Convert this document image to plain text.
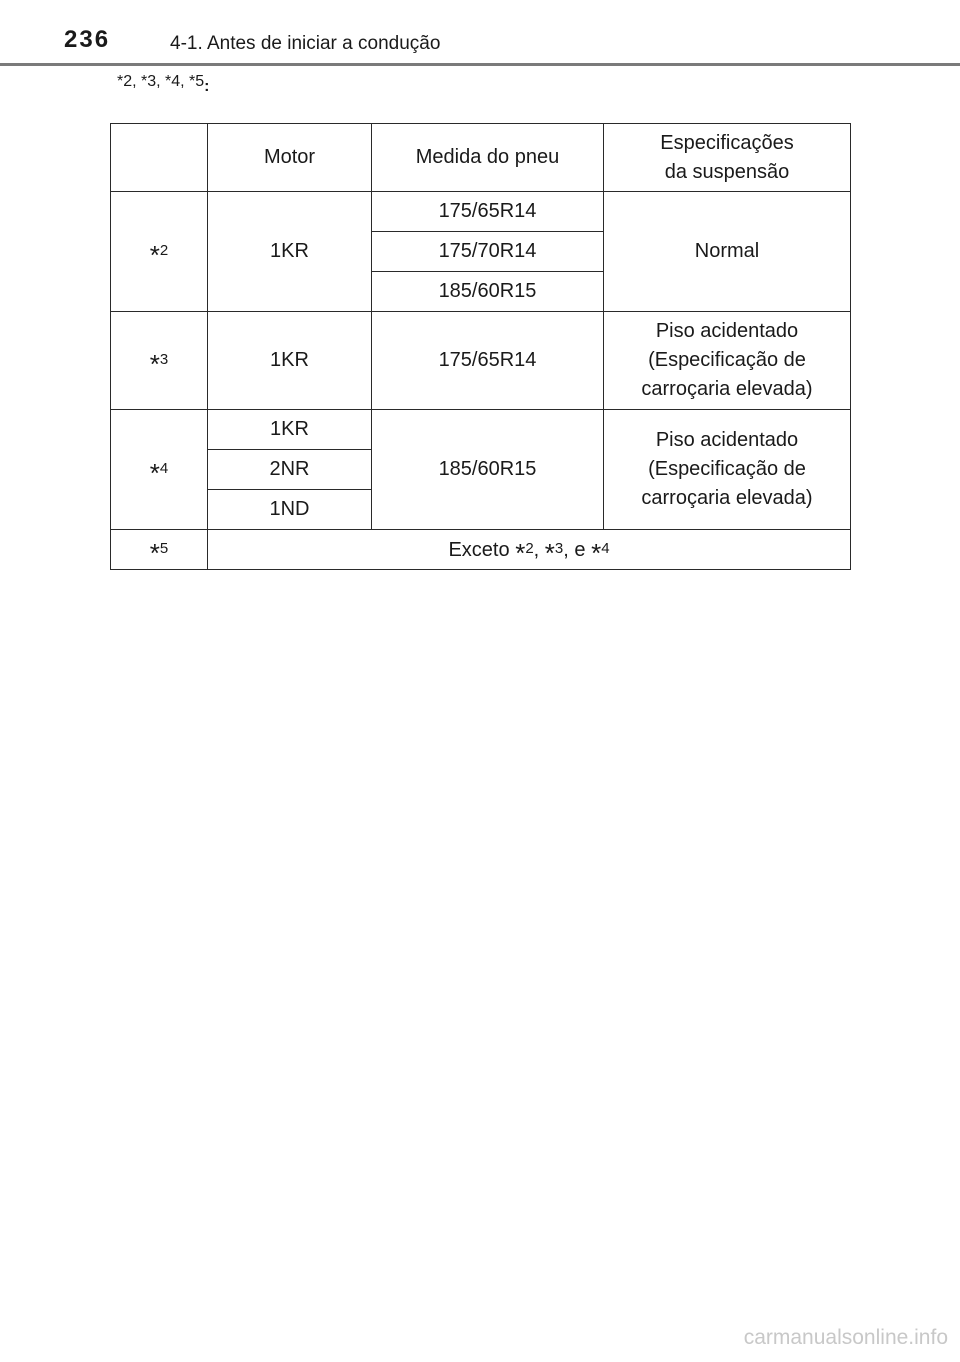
236	4-1. Antes de iniciar a condução
*2, *3, *4, *5:
	Motor	Medida do pneu	Especificações
da suspensão
*2	1KR	175/65R14	Normal
		175/70R14	
		185/60R15	
*3	1KR	175/65R14	Piso acidentado
(Especificação de
carroçaria elevada)
*4	1KR	185/60R15	Piso acidentado
(Especificação de
carroçaria elevada)
	2NR		
	1ND		
*5	Exceto *2, *3, e *4		
carmanualsonline.info
